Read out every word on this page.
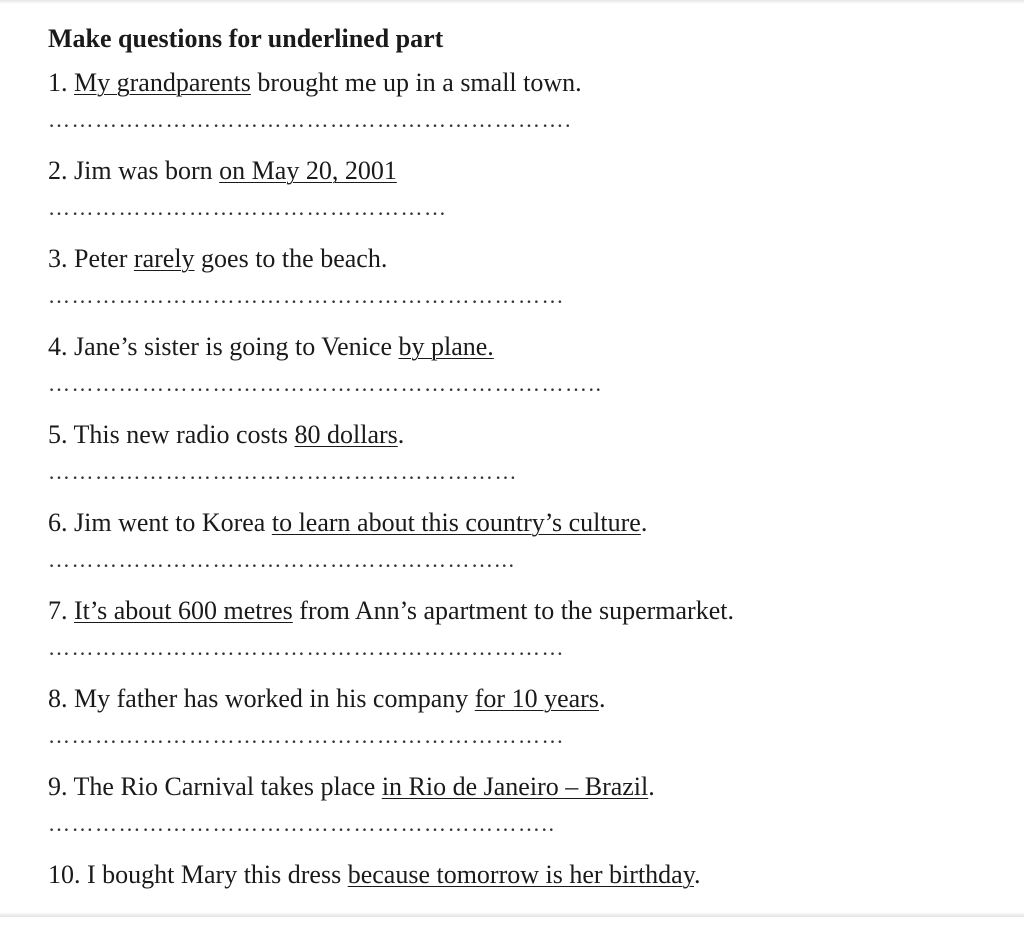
Make questions for underlined part

1. My grandparents brought me up in a small town.
………………………………………………………….
2. Jim was born on May 20, 2001
……………………………………………
3. Peter rarely goes to the beach.
…………………………………………………………
4. Jane’s sister is going to Venice by plane.
……………………………………………………………..
5. This new radio costs 80 dollars.
……………………………………………………
6. Jim went to Korea to learn about this country’s culture.
…………………………………………………...
7. It’s about 600 metres from Ann’s apartment to the supermarket.
…………………………………………………………
8. My father has worked in his company for 10 years.
…………………………………………………………
9. The Rio Carnival takes place in Rio de Janeiro – Brazil.
………………………………………………………..
10. I bought Mary this dress because tomorrow is her birthday.
